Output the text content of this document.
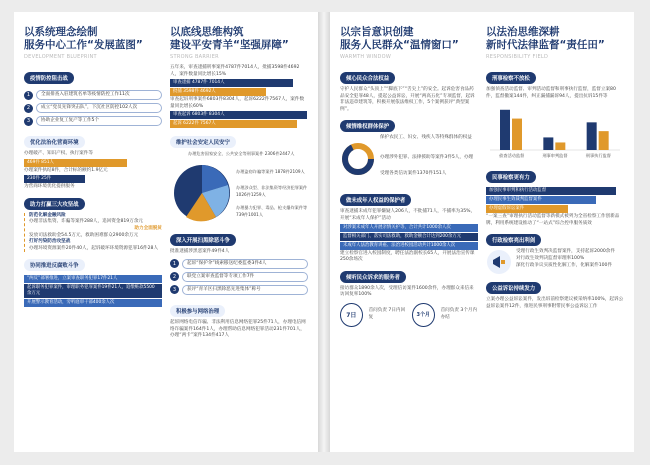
以系统理念绘制
服务中心工作“发展蓝图”
DEVELOPMENT BLUEPRINT
疫情防控阻击战
1	全面排查入驻建筑名单等疫情防控工作11次
2	成立“党员先锋突击队”，下沉社区防控102人次
3	协助企业复工复产等工作5个
优化法治化营商环境
办理破产、知识产权、执行案件等
469件 851人
办理案件执结8件，合计标的额约1.9亿元
230件 25件
为营商环境优化提供服务
助力打赢三大攻坚战
防范化解金融风险
办理非法集资、诈骗等案件288人，追回资金819万余元
助力全面脱贫
发放司法救助金54.5万元，救助困难群众2900余万元
打好污染防治攻坚战
办理环境资源案件20件40人，起诉破坏环境资源犯罪16件28人
协同推进反腐败斗争
“两反”部署推进，立案审查职务犯罪17件21人
起诉职务犯罪案件，审理职务犯罪案件19件21人，追缴赃款5500余万元
开展警示教育活动，旁听庭审干部400余人次
以底线思维构筑
建设平安青羊“坚强屏障”
STRONG BARRIER
五年来，审查逮捕刑事案件4787件7014人，批捕3598件4692人，案件数量同比增长15%
审查逮捕 4787件 7014人
批捕 3598件 4692人
审查起诉刑事案件6803件8304人，起诉6222件7567人，案件数量同比增长60%
审查起诉 6803件 8304人
起诉 6222件 7567人
维护社会安定人民安宁
办理危害国家安全、公共安全等刑事案件 2306件2447人
办理盗窃诈骗等案件 1878件2109人
办理涉众型、非法集资等经济犯罪案件 1026件1259人
办理暴力犯罪、毒品、枪支爆炸案件等 739件1001人
深入开展扫黑除恶斗争
批准逮捕涉黑恶案件49件4人
1	起诉“保护伞”线索移送纪委监委3件4人
2	联党立案审查监督等专项工作7件
3	获评“青羊区扫黑除恶先进集体”称号
积极参与网络治理
起诉网络电信诈骗、非法利用信息网络犯罪25件71人，办理电信网络诈骗案件164件1人，办理帮助信息网络犯罪活动231件701人，办理“两卡”案件134件417人
以宗旨意识创建
服务人民群众“温情窗口”
WARMTH WINDOW
倾心民众合法权益
守护人民群众“头顶上”“脚底下”“舌尖上”的安全。起诉危害食品药品安全犯罪48人，提起公益诉讼，开展“两高五化”专项监督，起诉非法违章建筑等，积极开展依法维权工作，5个案例获评“典型案例”。
倾情维权群体保护
保护农民工、妇女、残疾人等特殊群体的权益
办理涉外犯罪、法律援助等案件3件5人，办理
受理各类信访案件1370件151人
做未成年人权益的保护者
审查逮捕未成年犯罪嫌疑人206人，不批捕71人，不捕率为35%，开展“未成年人保护”活动
对涉案未成年人开展亲情关护等，合计共计1000余人次
监督相关部门、落实司法救助，救助金额合计达到200余万元
未成年人法治教育讲座、法治进校园活动共计1000余人次
建立检察官进入校园制度，聘任法治副校长65人，开展法治宣传课250余场次
倾听民众诉求的服务者
接访群众1890余人次，受理信访案件1600余件，办理群众来信来访回复率100%
7日
首问负责 7日内回复	3个月
首问负责 3个月内办结
以法治思维深耕
新时代法律监督“责任田”
RESPONSIBILITY FIELD
刑事检察不放松
加强侦查活动监督、审判活动监督和刑事执行监督，监督立案80件，监督撤案144件，纠正漏捕漏诉94人，提出抗诉15件等
侦查活动监督	刑事审判监督	刑事执行监督
民事检察更有力
加强民事审判和执行活动监督
办理民事生效裁判监督案件
办理虚假诉讼案件
“一案三查”审理执行活动监督等新模式被列为全省检察工作创新品牌，利用系统建设推动了“一站式”综合控申服务质效
行政检察亮出利剑
受理行政生效判决监督案件，支持起诉2000余件
对行政生效判决监督审理率100%
深化行政争议实质性化解工作，化解案件100件
公益诉讼持续发力
立案办理公益诉讼案件，发出诉前检察建议被采纳率100%，起诉公益诉讼案件12件，推进民事刑事附带民事公益诉讼工作
